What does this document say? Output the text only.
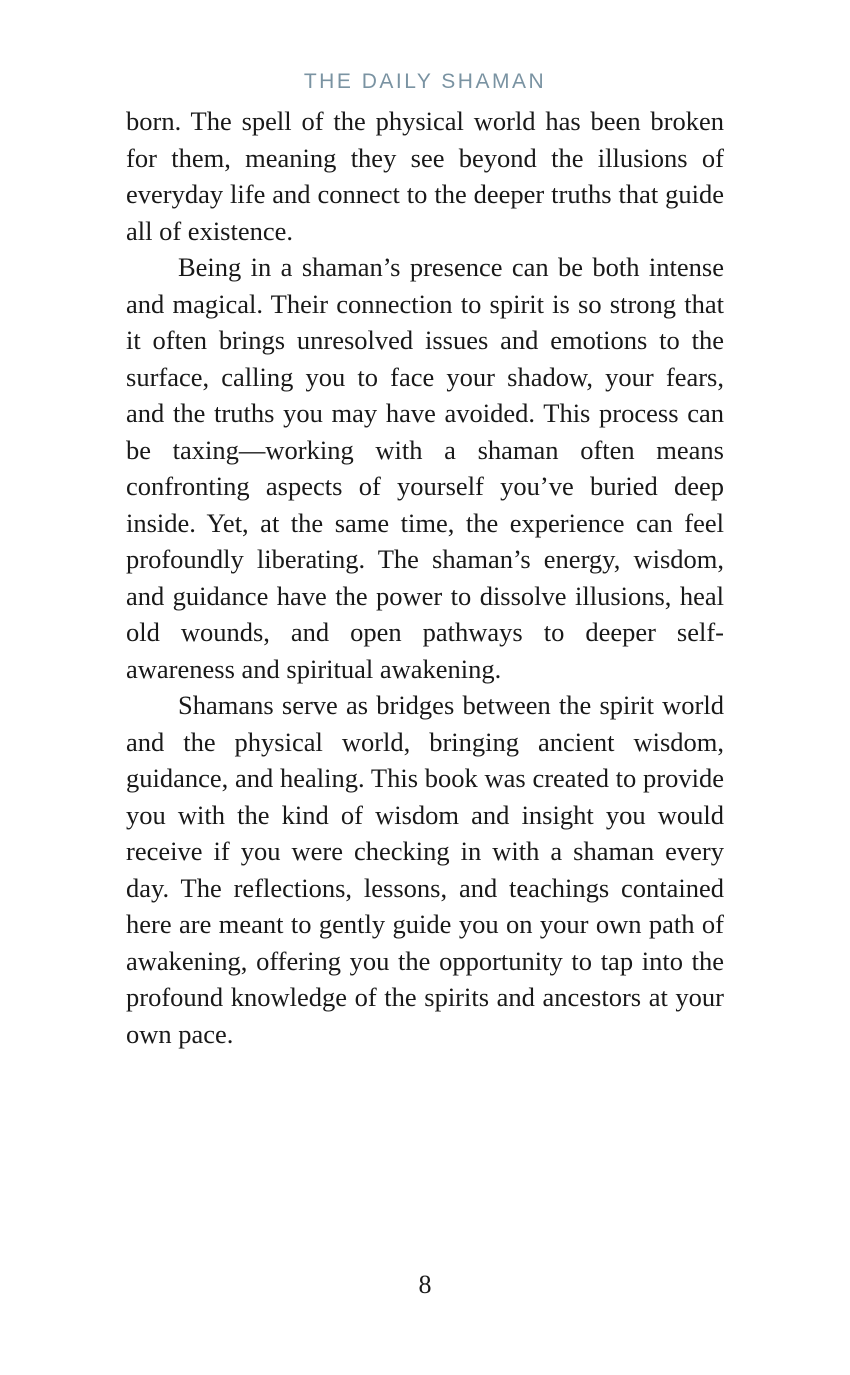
THE DAILY SHAMAN

born. The spell of the physical world has been broken for them, meaning they see beyond the illusions of everyday life and connect to the deeper truths that guide all of existence.

Being in a shaman’s presence can be both intense and magical. Their connection to spirit is so strong that it often brings unresolved issues and emotions to the surface, calling you to face your shadow, your fears, and the truths you may have avoided. This process can be taxing—working with a shaman often means confronting aspects of yourself you’ve buried deep inside. Yet, at the same time, the experience can feel profoundly liberating. The shaman’s energy, wisdom, and guidance have the power to dissolve illusions, heal old wounds, and open pathways to deeper self-awareness and spiritual awakening.

Shamans serve as bridges between the spirit world and the physical world, bringing ancient wisdom, guidance, and healing. This book was created to provide you with the kind of wisdom and insight you would receive if you were checking in with a shaman every day. The reflections, lessons, and teachings contained here are meant to gently guide you on your own path of awakening, offering you the opportunity to tap into the profound knowledge of the spirits and ancestors at your own pace.

8
